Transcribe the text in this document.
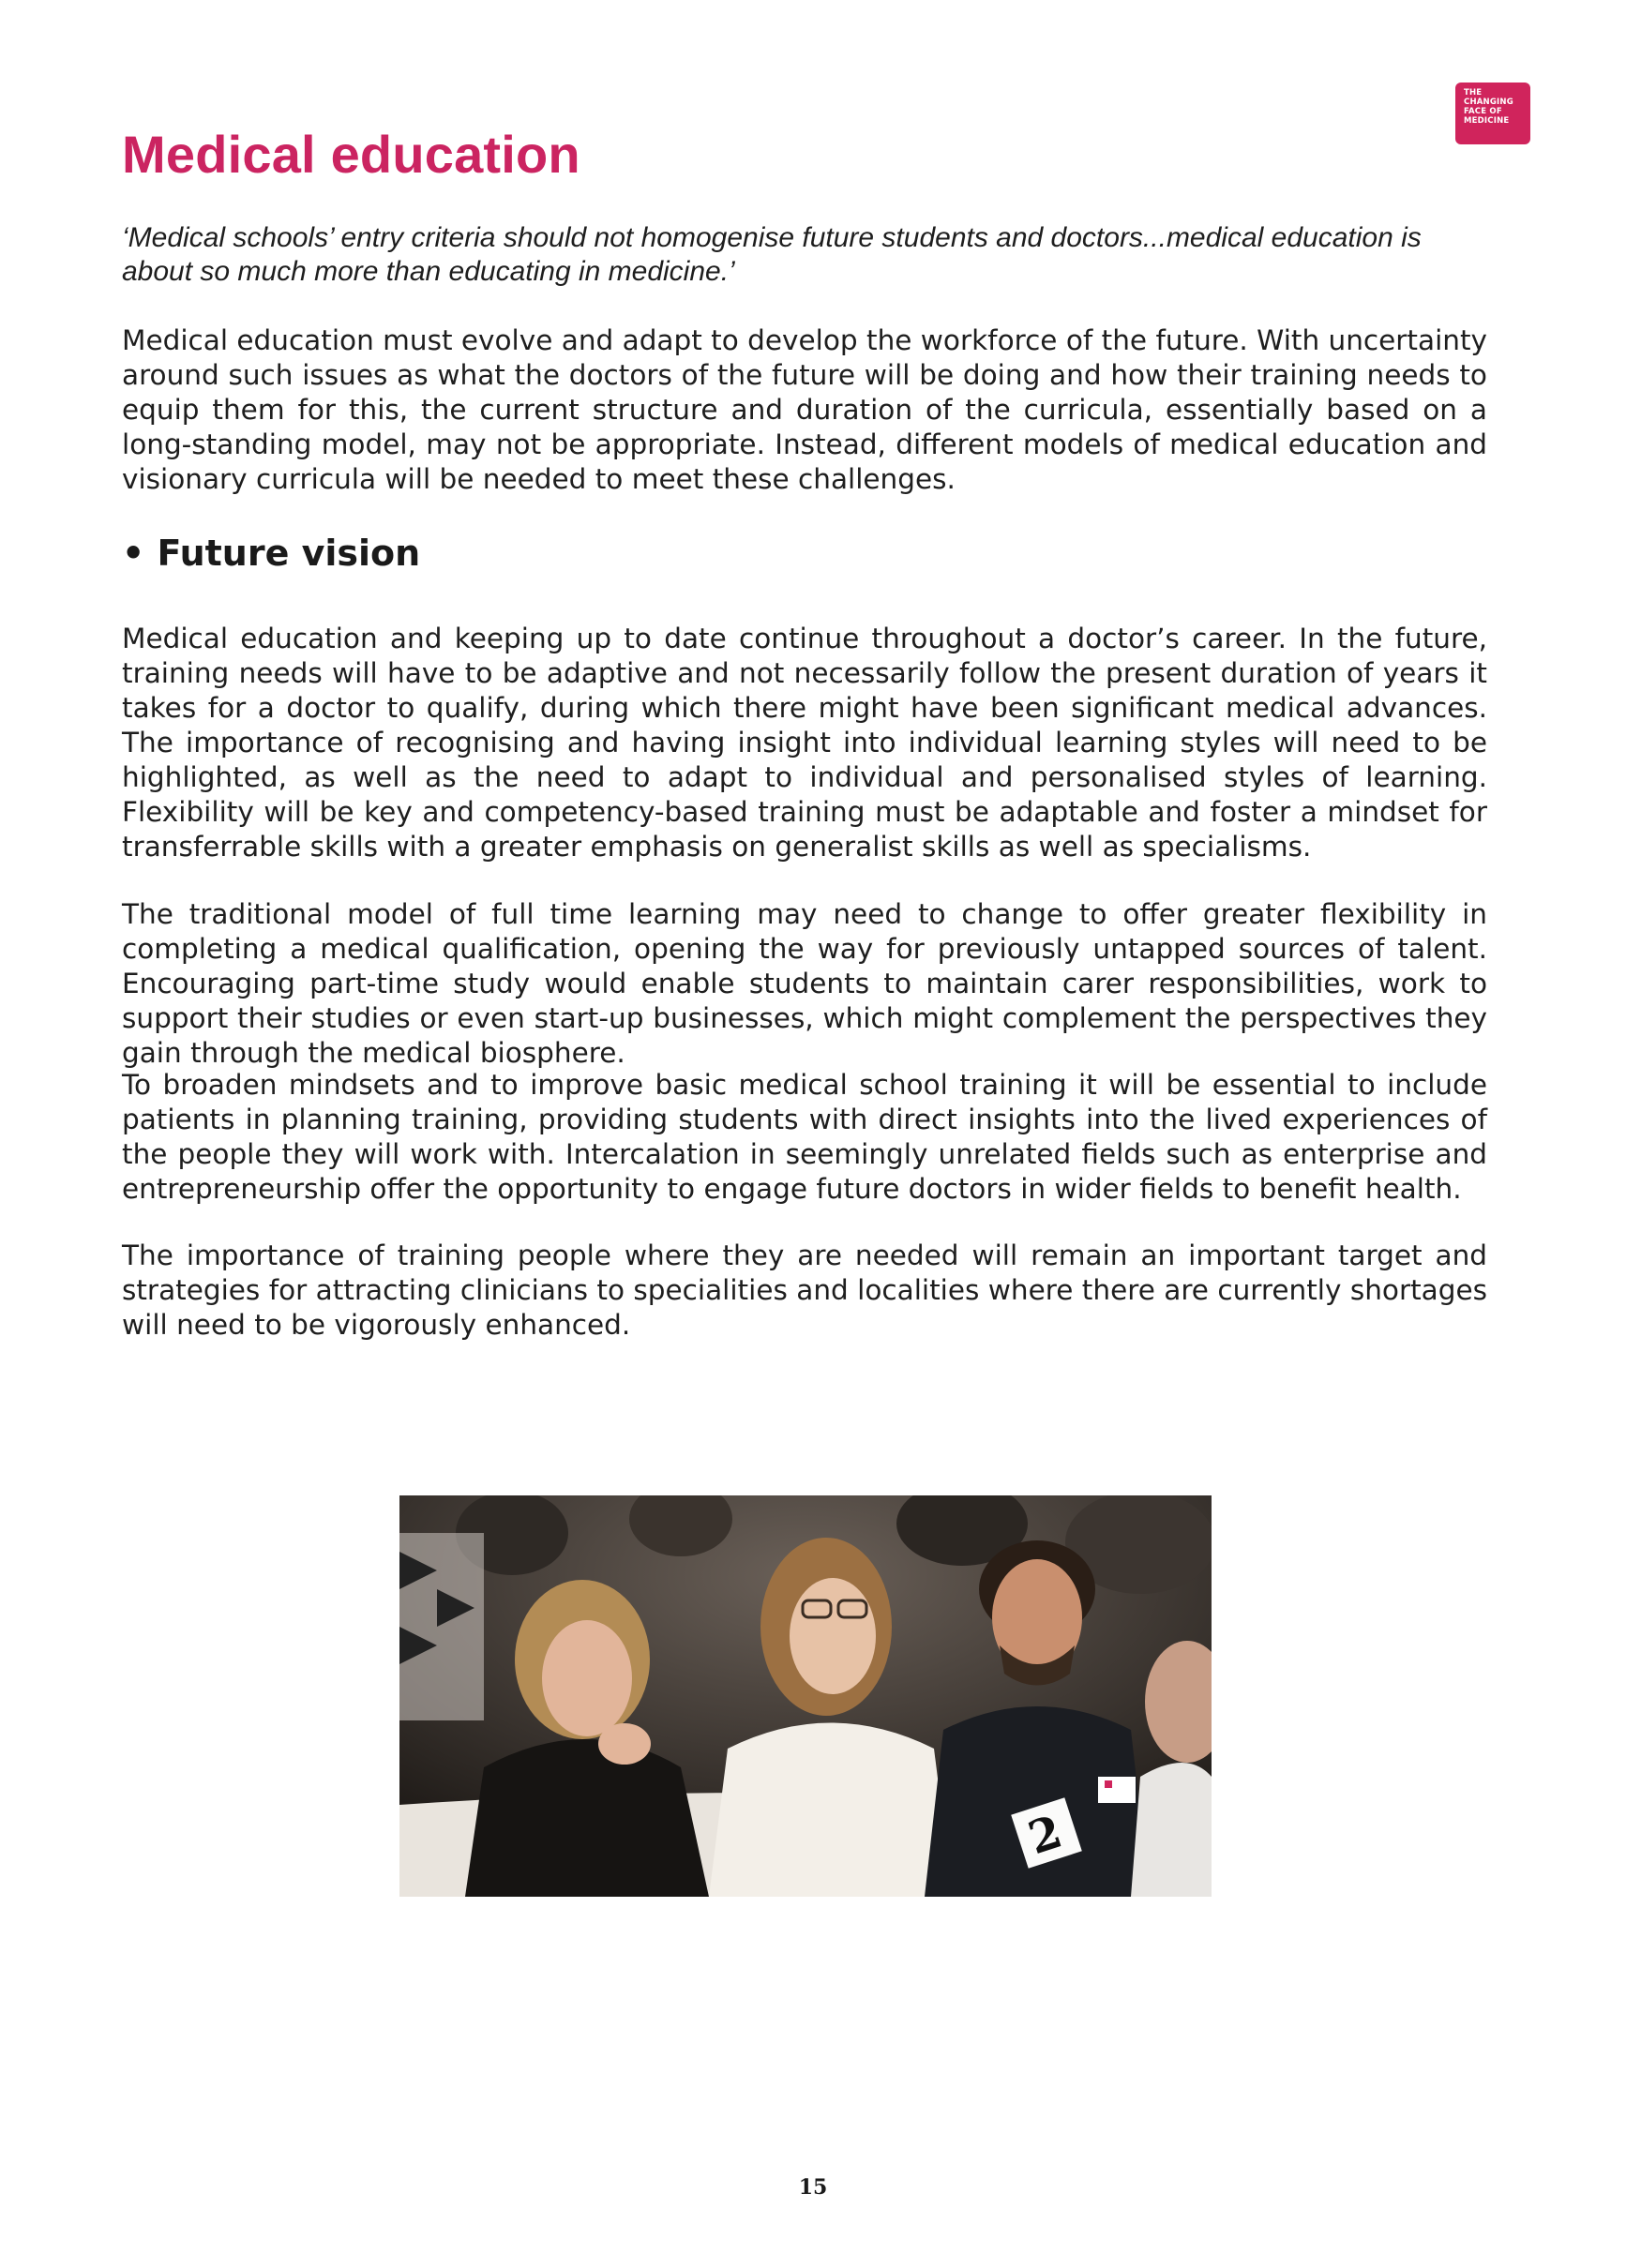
THE
CHANGING
FACE OF
MEDICINE
Medical education

‘Medical schools’ entry criteria should not homogenise future students and doctors...medical education is about so much more than educating in medicine.’

Medical education must evolve and adapt to develop the workforce of the future. With uncertainty around such issues as what the doctors of the future will be doing and how their training needs to equip them for this, the current structure and duration of the curricula, essentially based on a long-standing model, may not be appropriate. Instead, different models of medical education and visionary curricula will be needed to meet these challenges.

• Future vision

Medical education and keeping up to date continue throughout a doctor’s career. In the future, training needs will have to be adaptive and not necessarily follow the present duration of years it takes for a doctor to qualify, during which there might have been significant medical advances. The importance of recognising and having insight into individual learning styles will need to be highlighted, as well as the need to adapt to individual and personalised styles of learning. Flexibility will be key and competency-based training must be adaptable and foster a mindset for transferrable skills with a greater emphasis on generalist skills as well as specialisms.

The traditional model of full time learning may need to change to offer greater flexibility in completing a medical qualification, opening the way for previously untapped sources of talent. Encouraging part-time study would enable students to maintain carer responsibilities, work to support their studies or even start-up businesses, which might complement the perspectives they gain through the medical biosphere.

To broaden mindsets and to improve basic medical school training it will be essential to include patients in planning training, providing students with direct insights into the lived experiences of the people they will work with. Intercalation in seemingly unrelated fields such as enterprise and entrepreneurship offer the opportunity to engage future doctors in wider fields to benefit health.

The importance of training people where they are needed will remain an important target and strategies for attracting clinicians to specialities and localities where there are currently shortages will need to be vigorously enhanced.

2
15
